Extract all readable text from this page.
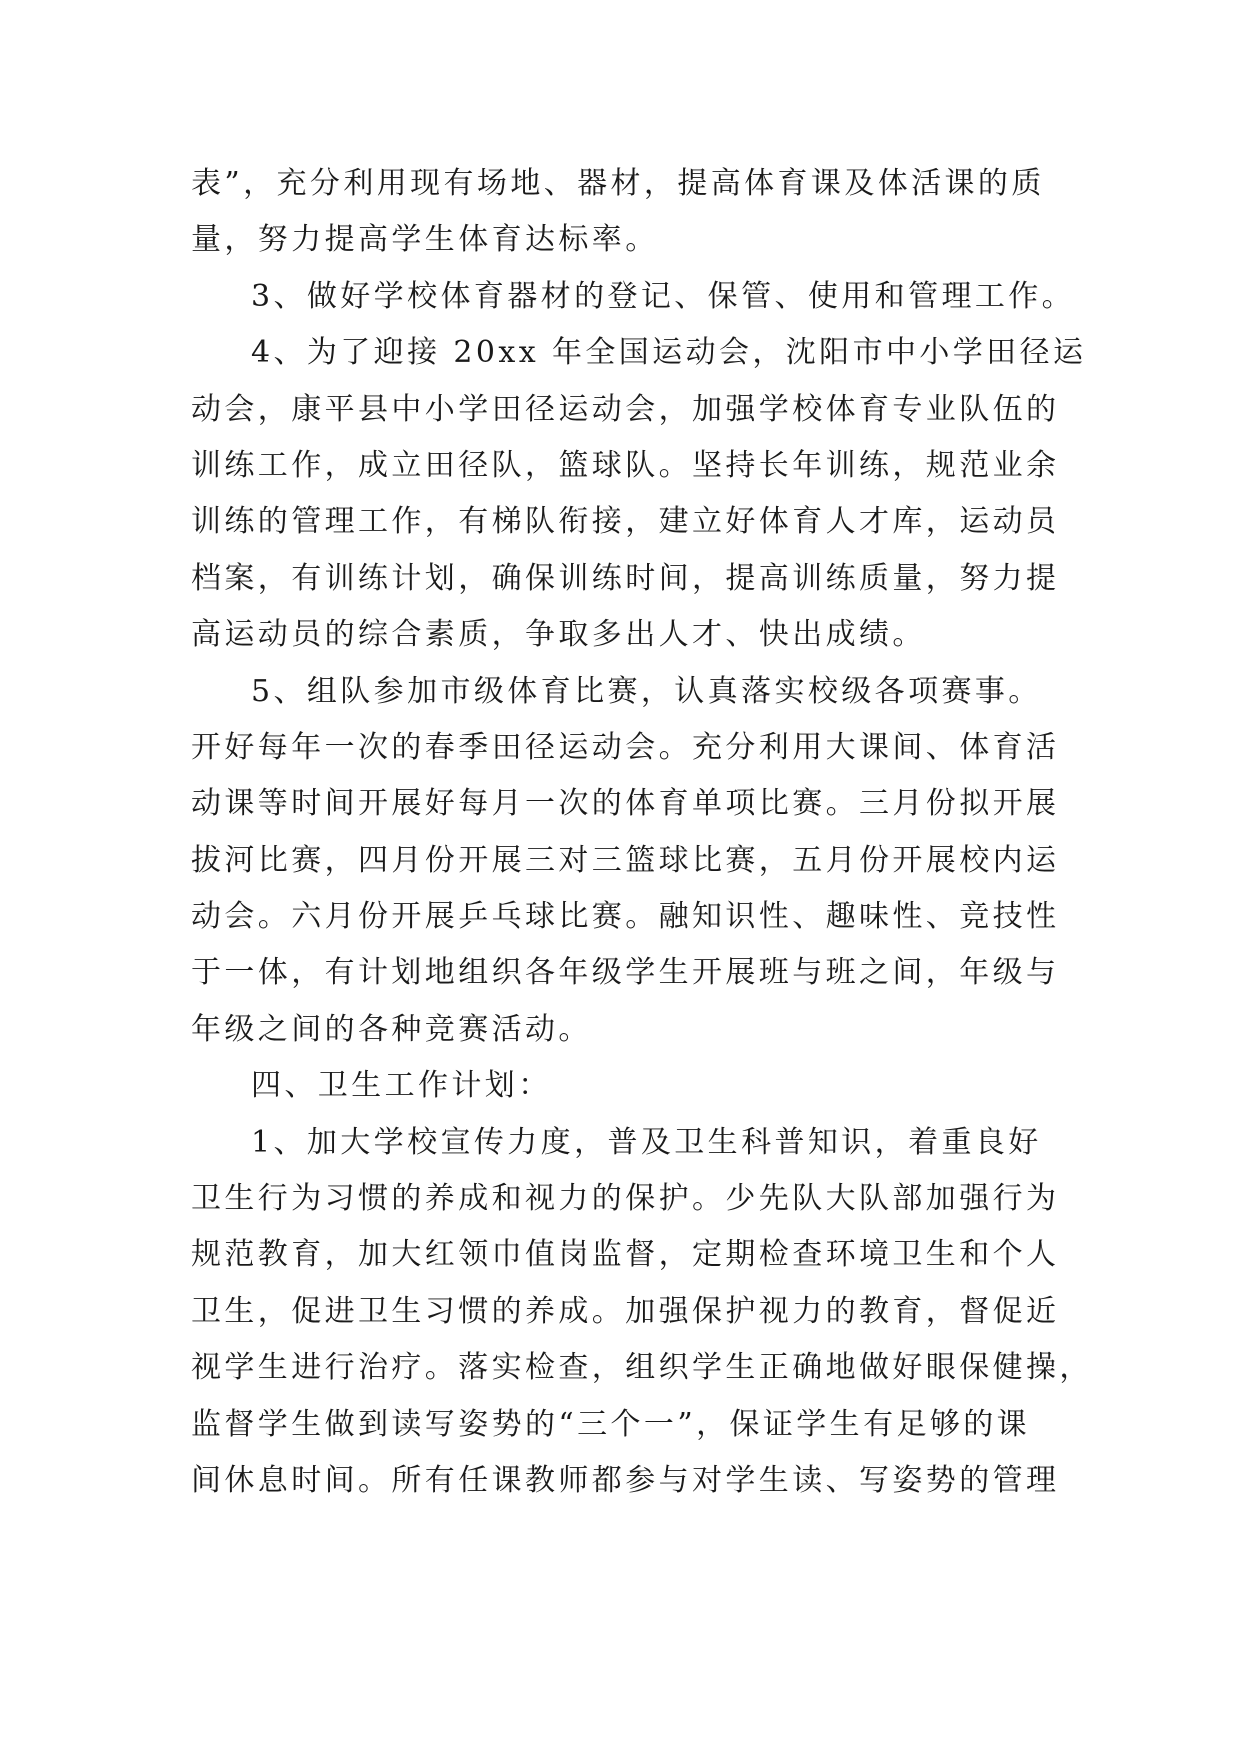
表”，充分利用现有场地、器材，提高体育课及体活课的质
量，努力提高学生体育达标率。
3、做好学校体育器材的登记、保管、使用和管理工作。
4、为了迎接 20xx 年全国运动会，沈阳市中小学田径运
动会，康平县中小学田径运动会，加强学校体育专业队伍的
训练工作，成立田径队，篮球队。坚持长年训练，规范业余
训练的管理工作，有梯队衔接，建立好体育人才库，运动员
档案，有训练计划，确保训练时间，提高训练质量，努力提
高运动员的综合素质，争取多出人才、快出成绩。
5、组队参加市级体育比赛，认真落实校级各项赛事。
开好每年一次的春季田径运动会。充分利用大课间、体育活
动课等时间开展好每月一次的体育单项比赛。三月份拟开展
拔河比赛，四月份开展三对三篮球比赛，五月份开展校内运
动会。六月份开展乒乓球比赛。融知识性、趣味性、竞技性
于一体，有计划地组织各年级学生开展班与班之间，年级与
年级之间的各种竞赛活动。
四、卫生工作计划：
1、加大学校宣传力度，普及卫生科普知识，着重良好
卫生行为习惯的养成和视力的保护。少先队大队部加强行为
规范教育，加大红领巾值岗监督，定期检查环境卫生和个人
卫生，促进卫生习惯的养成。加强保护视力的教育，督促近
视学生进行治疗。落实检查，组织学生正确地做好眼保健操，
监督学生做到读写姿势的“三个一”，保证学生有足够的课
间休息时间。所有任课教师都参与对学生读、写姿势的管理
